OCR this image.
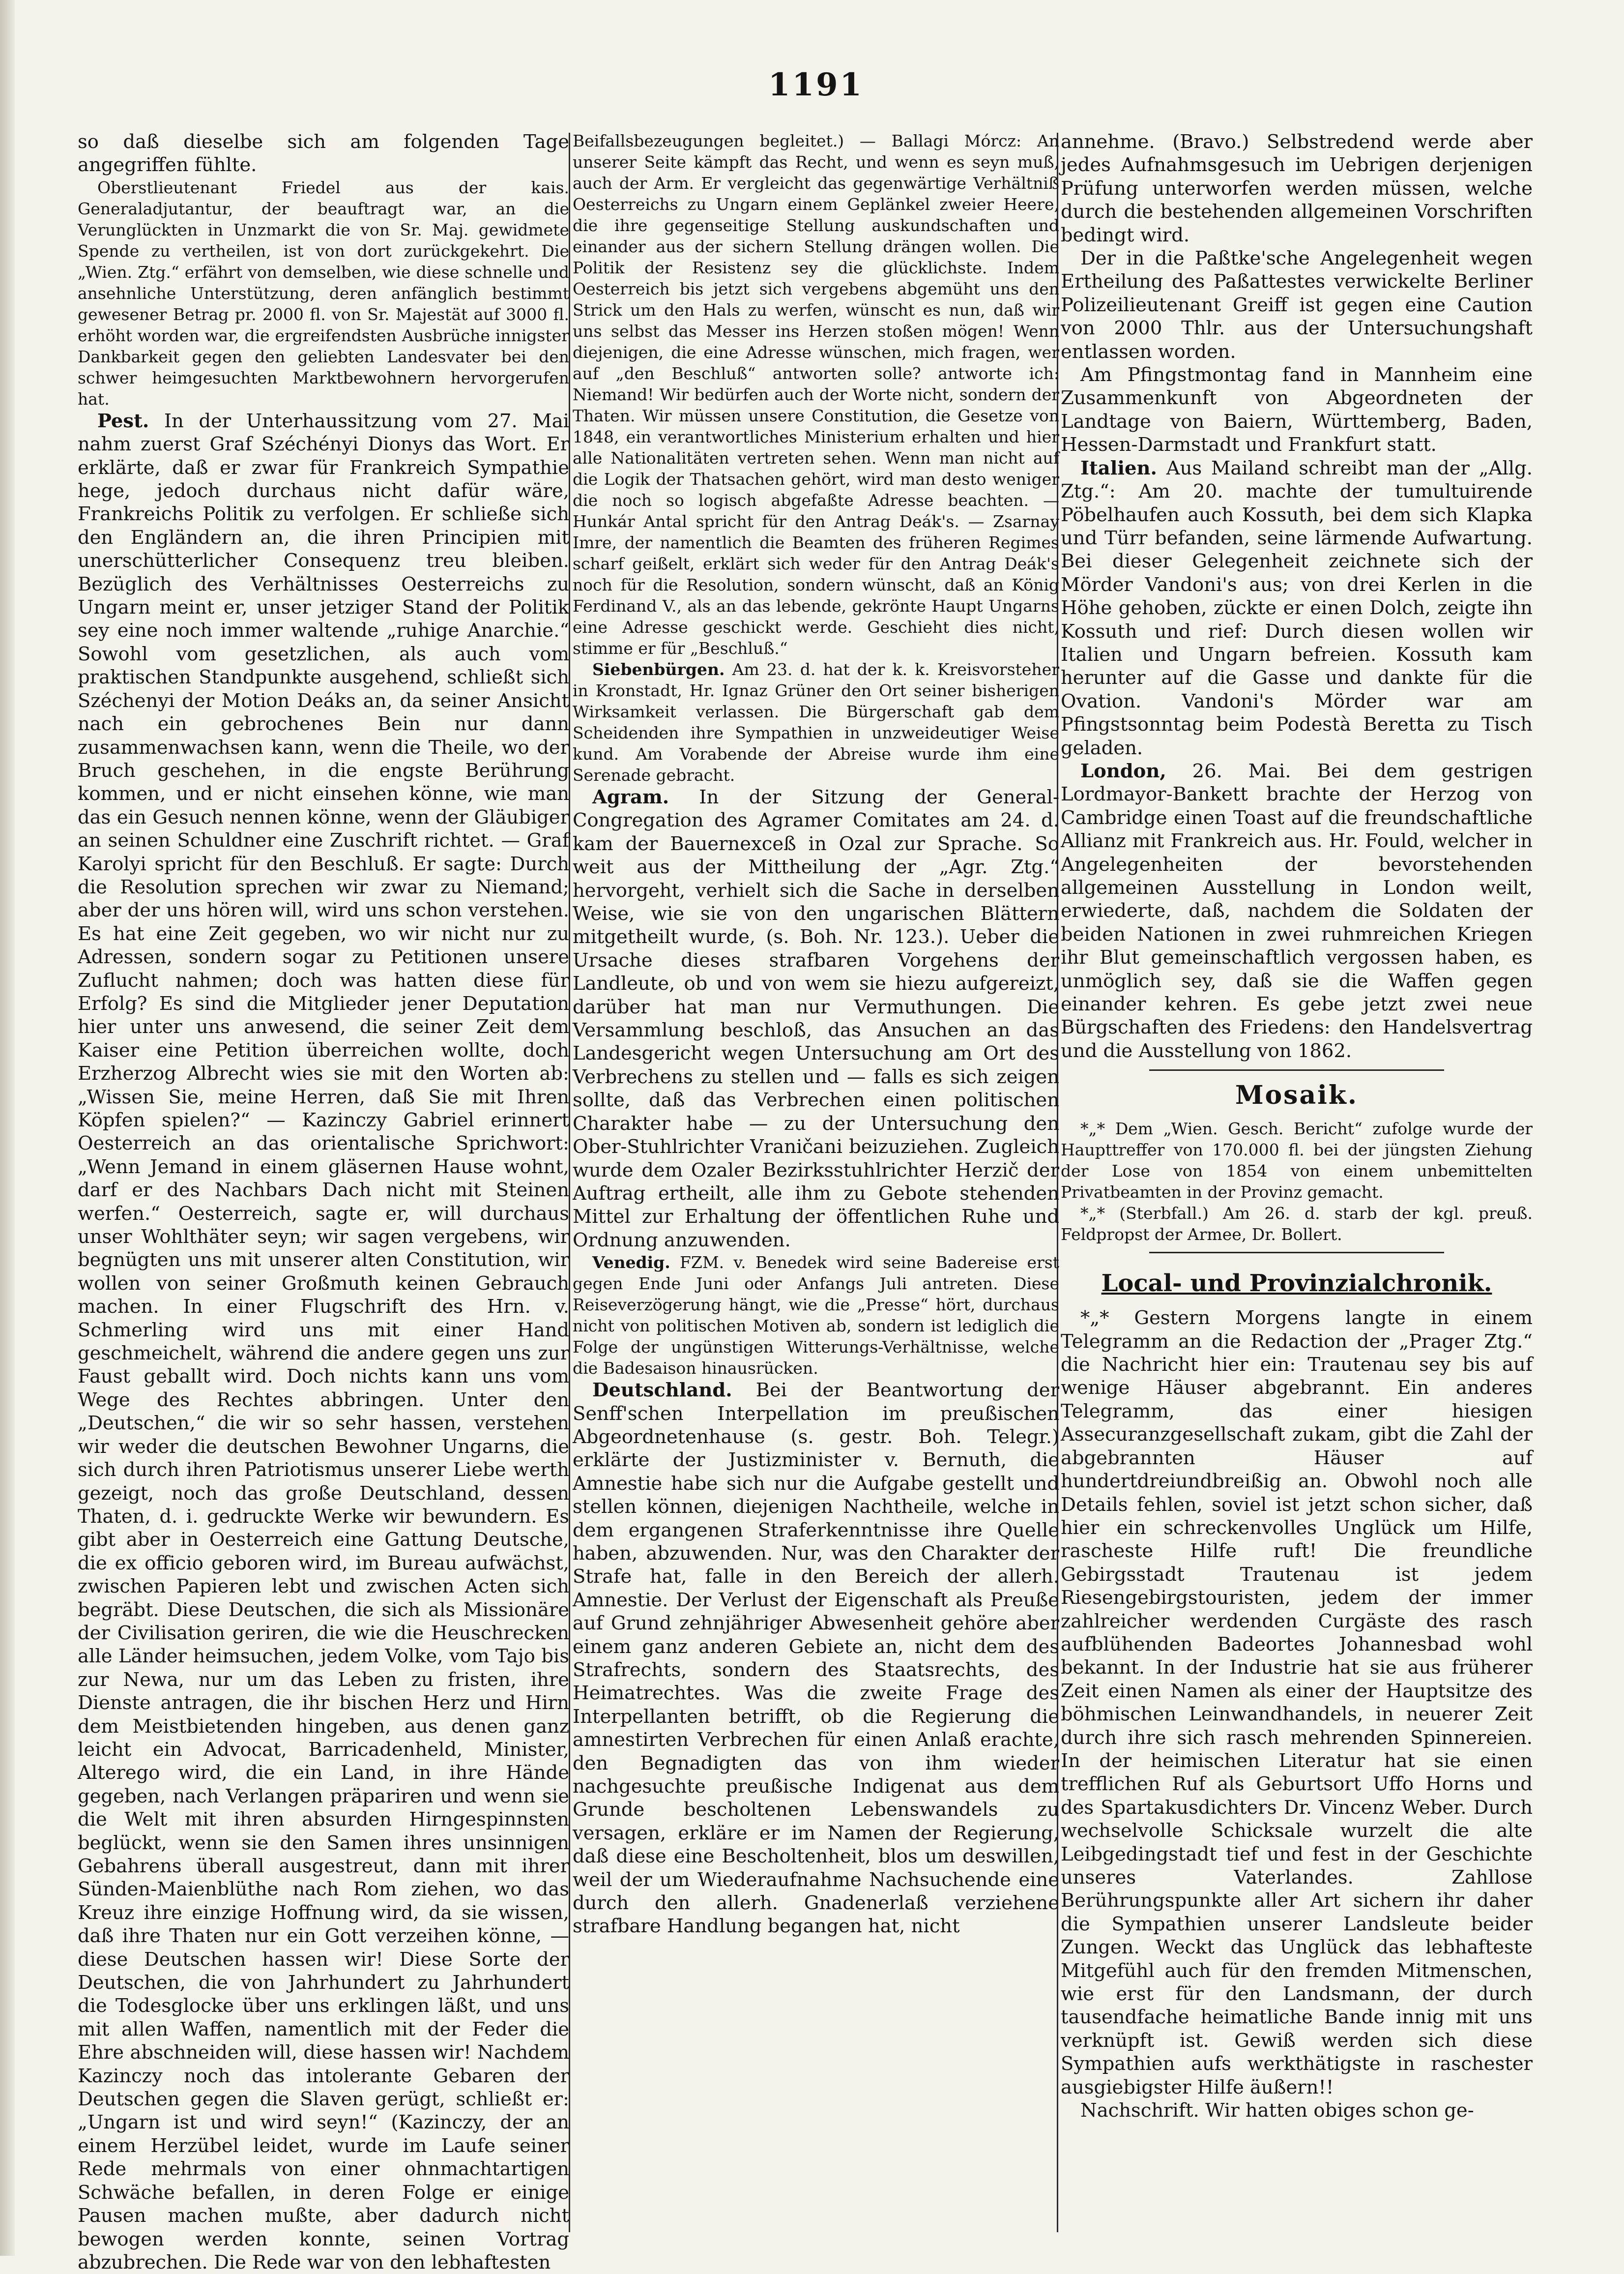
1191

so daß dieselbe sich am folgenden Tage angegriffen fühlte.

Oberstlieutenant Friedel aus der kais. Generaladjutantur, der beauftragt war, an die Verunglückten in Unzmarkt die von Sr. Maj. gewidmete Spende zu vertheilen, ist von dort zurückgekehrt. Die „Wien. Ztg.“ erfährt von demselben, wie diese schnelle und ansehnliche Unterstützung, deren anfänglich bestimmt gewesener Betrag pr. 2000 fl. von Sr. Majestät auf 3000 fl. erhöht worden war, die ergreifendsten Ausbrüche innigster Dankbarkeit gegen den geliebten Landesvater bei den schwer heimgesuchten Marktbewohnern hervorgerufen hat.

Pest. In der Unterhaussitzung vom 27. Mai nahm zuerst Graf Széchényi Dionys das Wort. Er erklärte, daß er zwar für Frankreich Sympathie hege, jedoch durchaus nicht dafür wäre, Frankreichs Politik zu verfolgen. Er schließe sich den Engländern an, die ihren Principien mit unerschütterlicher Consequenz treu bleiben. Bezüglich des Verhältnisses Oesterreichs zu Ungarn meint er, unser jetziger Stand der Politik sey eine noch immer waltende „ruhige Anarchie.“ Sowohl vom gesetzlichen, als auch vom praktischen Standpunkte ausgehend, schließt sich Széchenyi der Motion Deáks an, da seiner Ansicht nach ein gebrochenes Bein nur dann zusammenwachsen kann, wenn die Theile, wo der Bruch geschehen, in die engste Berührung kommen, und er nicht einsehen könne, wie man das ein Gesuch nennen könne, wenn der Gläubiger an seinen Schuldner eine Zuschrift richtet. — Graf Karolyi spricht für den Beschluß. Er sagte: Durch die Resolution sprechen wir zwar zu Niemand; aber der uns hören will, wird uns schon verstehen. Es hat eine Zeit gegeben, wo wir nicht nur zu Adressen, sondern sogar zu Petitionen unsere Zuflucht nahmen; doch was hatten diese für Erfolg? Es sind die Mitglieder jener Deputation hier unter uns anwesend, die seiner Zeit dem Kaiser eine Petition überreichen wollte, doch Erzherzog Albrecht wies sie mit den Worten ab: „Wissen Sie, meine Herren, daß Sie mit Ihren Köpfen spielen?“ — Kazinczy Gabriel erinnert Oesterreich an das orientalische Sprichwort: „Wenn Jemand in einem gläsernen Hause wohnt, darf er des Nachbars Dach nicht mit Steinen werfen.“ Oesterreich, sagte er, will durchaus unser Wohlthäter seyn; wir sagen vergebens, wir begnügten uns mit unserer alten Constitution, wir wollen von seiner Großmuth keinen Gebrauch machen. In einer Flugschrift des Hrn. v. Schmerling wird uns mit einer Hand geschmeichelt, während die andere gegen uns zur Faust geballt wird. Doch nichts kann uns vom Wege des Rechtes abbringen. Unter den „Deutschen,“ die wir so sehr hassen, verstehen wir weder die deutschen Bewohner Ungarns, die sich durch ihren Patriotismus unserer Liebe werth gezeigt, noch das große Deutschland, dessen Thaten, d. i. gedruckte Werke wir bewundern. Es gibt aber in Oesterreich eine Gattung Deutsche, die ex officio geboren wird, im Bureau aufwächst, zwischen Papieren lebt und zwischen Acten sich begräbt. Diese Deutschen, die sich als Missionäre der Civilisation geriren, die wie die Heuschrecken alle Länder heimsuchen, jedem Volke, vom Tajo bis zur Newa, nur um das Leben zu fristen, ihre Dienste antragen, die ihr bischen Herz und Hirn dem Meistbietenden hingeben, aus denen ganz leicht ein Advocat, Barricadenheld, Minister, Alterego wird, die ein Land, in ihre Hände gegeben, nach Verlangen präpariren und wenn sie die Welt mit ihren absurden Hirngespinnsten beglückt, wenn sie den Samen ihres unsinnigen Gebahrens überall ausgestreut, dann mit ihrer Sünden-Maienblüthe nach Rom ziehen, wo das Kreuz ihre einzige Hoffnung wird, da sie wissen, daß ihre Thaten nur ein Gott verzeihen könne, — diese Deutschen hassen wir! Diese Sorte der Deutschen, die von Jahrhundert zu Jahrhundert die Todesglocke über uns erklingen läßt, und uns mit allen Waffen, namentlich mit der Feder die Ehre abschneiden will, diese hassen wir! Nachdem Kazinczy noch das intolerante Gebaren der Deutschen gegen die Slaven gerügt, schließt er: „Ungarn ist und wird seyn!“ (Kazinczy, der an einem Herzübel leidet, wurde im Laufe seiner Rede mehrmals von einer ohnmachtartigen Schwäche befallen, in deren Folge er einige Pausen machen mußte, aber dadurch nicht bewogen werden konnte, seinen Vortrag abzubrechen. Die Rede war von den lebhaftesten

Beifallsbezeugungen begleitet.) — Ballagi Mórcz: An unserer Seite kämpft das Recht, und wenn es seyn muß, auch der Arm. Er vergleicht das gegenwärtige Verhältniß Oesterreichs zu Ungarn einem Geplänkel zweier Heere, die ihre gegenseitige Stellung auskundschaften und einander aus der sichern Stellung drängen wollen. Die Politik der Resistenz sey die glücklichste. Indem Oesterreich bis jetzt sich vergebens abgemüht uns den Strick um den Hals zu werfen, wünscht es nun, daß wir uns selbst das Messer ins Herzen stoßen mögen! Wenn diejenigen, die eine Adresse wünschen, mich fragen, wer auf „den Beschluß“ antworten solle? antworte ich: Niemand! Wir bedürfen auch der Worte nicht, sondern der Thaten. Wir müssen unsere Constitution, die Gesetze von 1848, ein verantwortliches Ministerium erhalten und hier alle Nationalitäten vertreten sehen. Wenn man nicht auf die Logik der Thatsachen gehört, wird man desto weniger die noch so logisch abgefaßte Adresse beachten. — Hunkár Antal spricht für den Antrag Deák's. — Zsarnay Imre, der namentlich die Beamten des früheren Regimes scharf geißelt, erklärt sich weder für den Antrag Deák's noch für die Resolution, sondern wünscht, daß an König Ferdinand V., als an das lebende, gekrönte Haupt Ungarns eine Adresse geschickt werde. Geschieht dies nicht, stimme er für „Beschluß.“

Siebenbürgen. Am 23. d. hat der k. k. Kreisvorsteher in Kronstadt, Hr. Ignaz Grüner den Ort seiner bisherigen Wirksamkeit verlassen. Die Bürgerschaft gab dem Scheidenden ihre Sympathien in unzweideutiger Weise kund. Am Vorabende der Abreise wurde ihm eine Serenade gebracht.

Agram. In der Sitzung der General-Congregation des Agramer Comitates am 24. d. kam der Bauernexceß in Ozal zur Sprache. So weit aus der Mittheilung der „Agr. Ztg.“ hervorgeht, verhielt sich die Sache in derselben Weise, wie sie von den ungarischen Blättern mitgetheilt wurde, (s. Boh. Nr. 123.). Ueber die Ursache dieses strafbaren Vorgehens der Landleute, ob und von wem sie hiezu aufgereizt, darüber hat man nur Vermuthungen. Die Versammlung beschloß, das Ansuchen an das Landesgericht wegen Untersuchung am Ort des Verbrechens zu stellen und — falls es sich zeigen sollte, daß das Verbrechen einen politischen Charakter habe — zu der Untersuchung den Ober-Stuhlrichter Vraničani beizuziehen. Zugleich wurde dem Ozaler Bezirksstuhlrichter Herzič der Auftrag ertheilt, alle ihm zu Gebote stehenden Mittel zur Erhaltung der öffentlichen Ruhe und Ordnung anzuwenden.

Venedig. FZM. v. Benedek wird seine Badereise erst gegen Ende Juni oder Anfangs Juli antreten. Diese Reiseverzögerung hängt, wie die „Presse“ hört, durchaus nicht von politischen Motiven ab, sondern ist lediglich die Folge der ungünstigen Witterungs-Verhältnisse, welche die Badesaison hinausrücken.

Deutschland. Bei der Beantwortung der Senff'schen Interpellation im preußischen Abgeordnetenhause (s. gestr. Boh. Telegr.) erklärte der Justizminister v. Bernuth, die Amnestie habe sich nur die Aufgabe gestellt und stellen können, diejenigen Nachtheile, welche in dem ergangenen Straferkenntnisse ihre Quelle haben, abzuwenden. Nur, was den Charakter der Strafe hat, falle in den Bereich der allerh. Amnestie. Der Verlust der Eigenschaft als Preuße auf Grund zehnjähriger Abwesenheit gehöre aber einem ganz anderen Gebiete an, nicht dem des Strafrechts, sondern des Staatsrechts, des Heimatrechtes. Was die zweite Frage des Interpellanten betrifft, ob die Regierung die amnestirten Verbrechen für einen Anlaß erachte, den Begnadigten das von ihm wieder nachgesuchte preußische Indigenat aus dem Grunde bescholtenen Lebenswandels zu versagen, erkläre er im Namen der Regierung, daß diese eine Bescholtenheit, blos um deswillen, weil der um Wiederaufnahme Nachsuchende eine durch den allerh. Gnadenerlaß verziehene strafbare Handlung begangen hat, nicht

annehme. (Bravo.) Selbstredend werde aber jedes Aufnahmsgesuch im Uebrigen derjenigen Prüfung unterworfen werden müssen, welche durch die bestehenden allgemeinen Vorschriften bedingt wird.

Der in die Paßtke'sche Angelegenheit wegen Ertheilung des Paßattestes verwickelte Berliner Polizeilieutenant Greiff ist gegen eine Caution von 2000 Thlr. aus der Untersuchungshaft entlassen worden.

Am Pfingstmontag fand in Mannheim eine Zusammenkunft von Abgeordneten der Landtage von Baiern, Württemberg, Baden, Hessen-Darmstadt und Frankfurt statt.

Italien. Aus Mailand schreibt man der „Allg. Ztg.“: Am 20. machte der tumultuirende Pöbelhaufen auch Kossuth, bei dem sich Klapka und Türr befanden, seine lärmende Aufwartung. Bei dieser Gelegenheit zeichnete sich der Mörder Vandoni's aus; von drei Kerlen in die Höhe gehoben, zückte er einen Dolch, zeigte ihn Kossuth und rief: Durch diesen wollen wir Italien und Ungarn befreien. Kossuth kam herunter auf die Gasse und dankte für die Ovation. Vandoni's Mörder war am Pfingstsonntag beim Podestà Beretta zu Tisch geladen.

London, 26. Mai. Bei dem gestrigen Lordmayor-Bankett brachte der Herzog von Cambridge einen Toast auf die freundschaftliche Allianz mit Frankreich aus. Hr. Fould, welcher in Angelegenheiten der bevorstehenden allgemeinen Ausstellung in London weilt, erwiederte, daß, nachdem die Soldaten der beiden Nationen in zwei ruhmreichen Kriegen ihr Blut gemeinschaftlich vergossen haben, es unmöglich sey, daß sie die Waffen gegen einander kehren. Es gebe jetzt zwei neue Bürgschaften des Friedens: den Handelsvertrag und die Ausstellung von 1862.

Mosaik.

*„* Dem „Wien. Gesch. Bericht“ zufolge wurde der Haupttreffer von 170.000 fl. bei der jüngsten Ziehung der Lose von 1854 von einem unbemittelten Privatbeamten in der Provinz gemacht.

*„* (Sterbfall.) Am 26. d. starb der kgl. preuß. Feldpropst der Armee, Dr. Bollert.

Local- und Provinzialchronik.

*„* Gestern Morgens langte in einem Telegramm an die Redaction der „Prager Ztg.“ die Nachricht hier ein: Trautenau sey bis auf wenige Häuser abgebrannt. Ein anderes Telegramm, das einer hiesigen Assecuranzgesellschaft zukam, gibt die Zahl der abgebrannten Häuser auf hundertdreiundbreißig an. Obwohl noch alle Details fehlen, soviel ist jetzt schon sicher, daß hier ein schreckenvolles Unglück um Hilfe, rascheste Hilfe ruft! Die freundliche Gebirgsstadt Trautenau ist jedem Riesengebirgstouristen, jedem der immer zahlreicher werdenden Curgäste des rasch aufblühenden Badeortes Johannesbad wohl bekannt. In der Industrie hat sie aus früherer Zeit einen Namen als einer der Hauptsitze des böhmischen Leinwandhandels, in neuerer Zeit durch ihre sich rasch mehrenden Spinnereien. In der heimischen Literatur hat sie einen trefflichen Ruf als Geburtsort Uffo Horns und des Spartakusdichters Dr. Vincenz Weber. Durch wechselvolle Schicksale wurzelt die alte Leibgedingstadt tief und fest in der Geschichte unseres Vaterlandes. Zahllose Berührungspunkte aller Art sichern ihr daher die Sympathien unserer Landsleute beider Zungen. Weckt das Unglück das lebhafteste Mitgefühl auch für den fremden Mitmenschen, wie erst für den Landsmann, der durch tausendfache heimatliche Bande innig mit uns verknüpft ist. Gewiß werden sich diese Sympathien aufs werkthätigste in raschester ausgiebigster Hilfe äußern!!

Nachschrift. Wir hatten obiges schon ge-
